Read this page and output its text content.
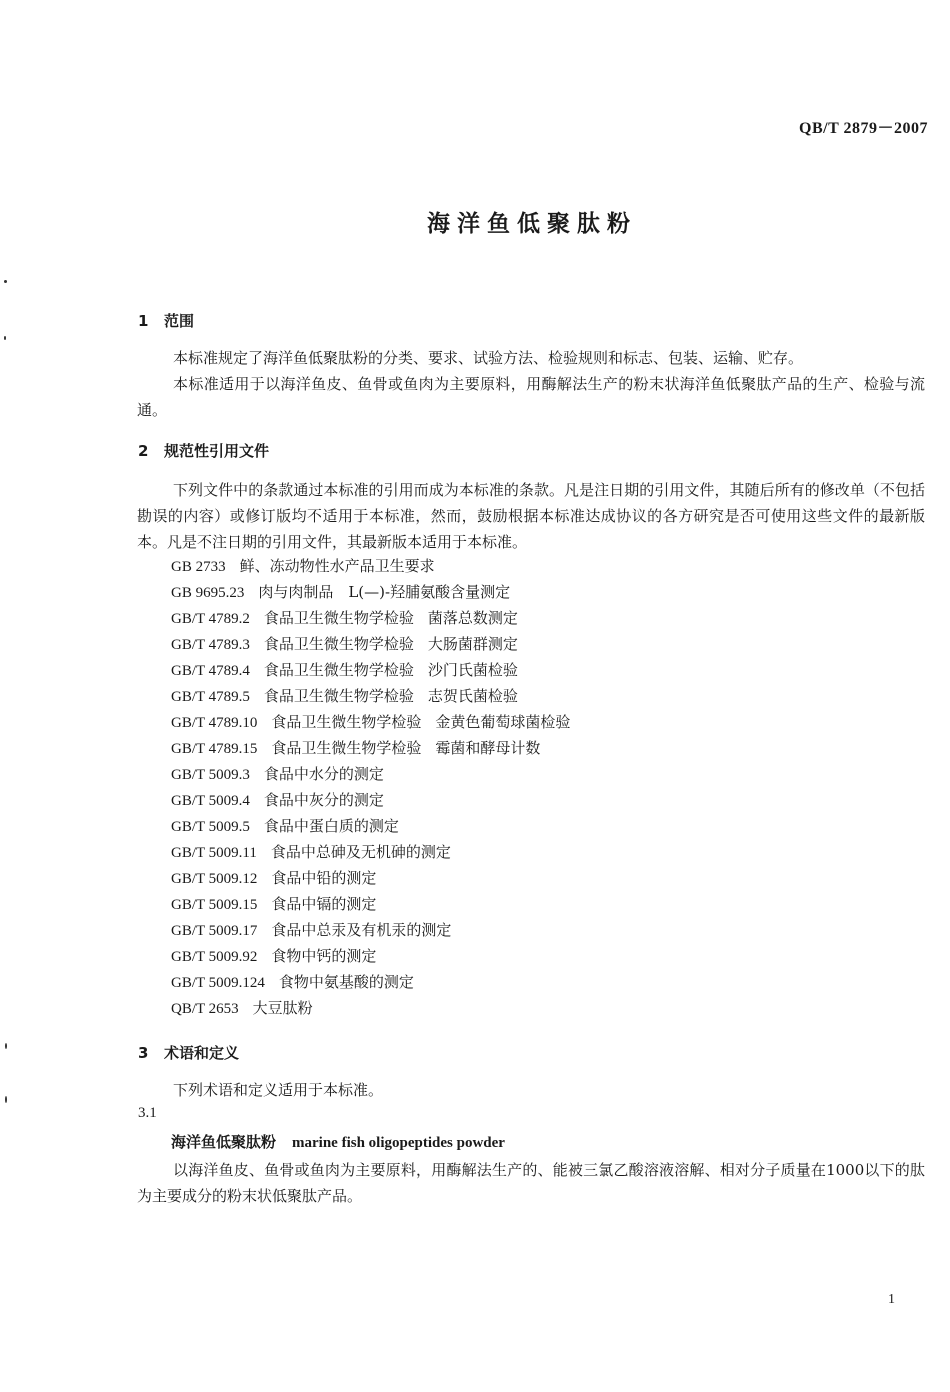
QB/T 2879－2007
海洋鱼低聚肽粉
1 范围

本标准规定了海洋鱼低聚肽粉的分类、要求、试验方法、检验规则和标志、包装、运输、贮存。

本标准适用于以海洋鱼皮、鱼骨或鱼肉为主要原料，用酶解法生产的粉末状海洋鱼低聚肽产品的生产、检验与流通。

2 规范性引用文件

下列文件中的条款通过本标准的引用而成为本标准的条款。凡是注日期的引用文件，其随后所有的修改单（不包括勘误的内容）或修订版均不适用于本标准，然而，鼓励根据本标准达成协议的各方研究是否可使用这些文件的最新版本。凡是不注日期的引用文件，其最新版本适用于本标准。

GB 2733 鲜、冻动物性水产品卫生要求
GB 9695.23 肉与肉制品　L(—)-羟脯氨酸含量测定
GB/T 4789.2 食品卫生微生物学检验 菌落总数测定
GB/T 4789.3 食品卫生微生物学检验 大肠菌群测定
GB/T 4789.4 食品卫生微生物学检验 沙门氏菌检验
GB/T 4789.5 食品卫生微生物学检验 志贺氏菌检验
GB/T 4789.10 食品卫生微生物学检验 金黄色葡萄球菌检验
GB/T 4789.15 食品卫生微生物学检验 霉菌和酵母计数
GB/T 5009.3 食品中水分的测定
GB/T 5009.4 食品中灰分的测定
GB/T 5009.5 食品中蛋白质的测定
GB/T 5009.11 食品中总砷及无机砷的测定
GB/T 5009.12 食品中铅的测定
GB/T 5009.15 食品中镉的测定
GB/T 5009.17 食品中总汞及有机汞的测定
GB/T 5009.92 食物中钙的测定
GB/T 5009.124 食物中氨基酸的测定
QB/T 2653 大豆肽粉
3 术语和定义

下列术语和定义适用于本标准。

3.1
海洋鱼低聚肽粉 marine fish oligopeptides powder

以海洋鱼皮、鱼骨或鱼肉为主要原料，用酶解法生产的、能被三氯乙酸溶液溶解、相对分子质量在1000以下的肽为主要成分的粉末状低聚肽产品。

1
